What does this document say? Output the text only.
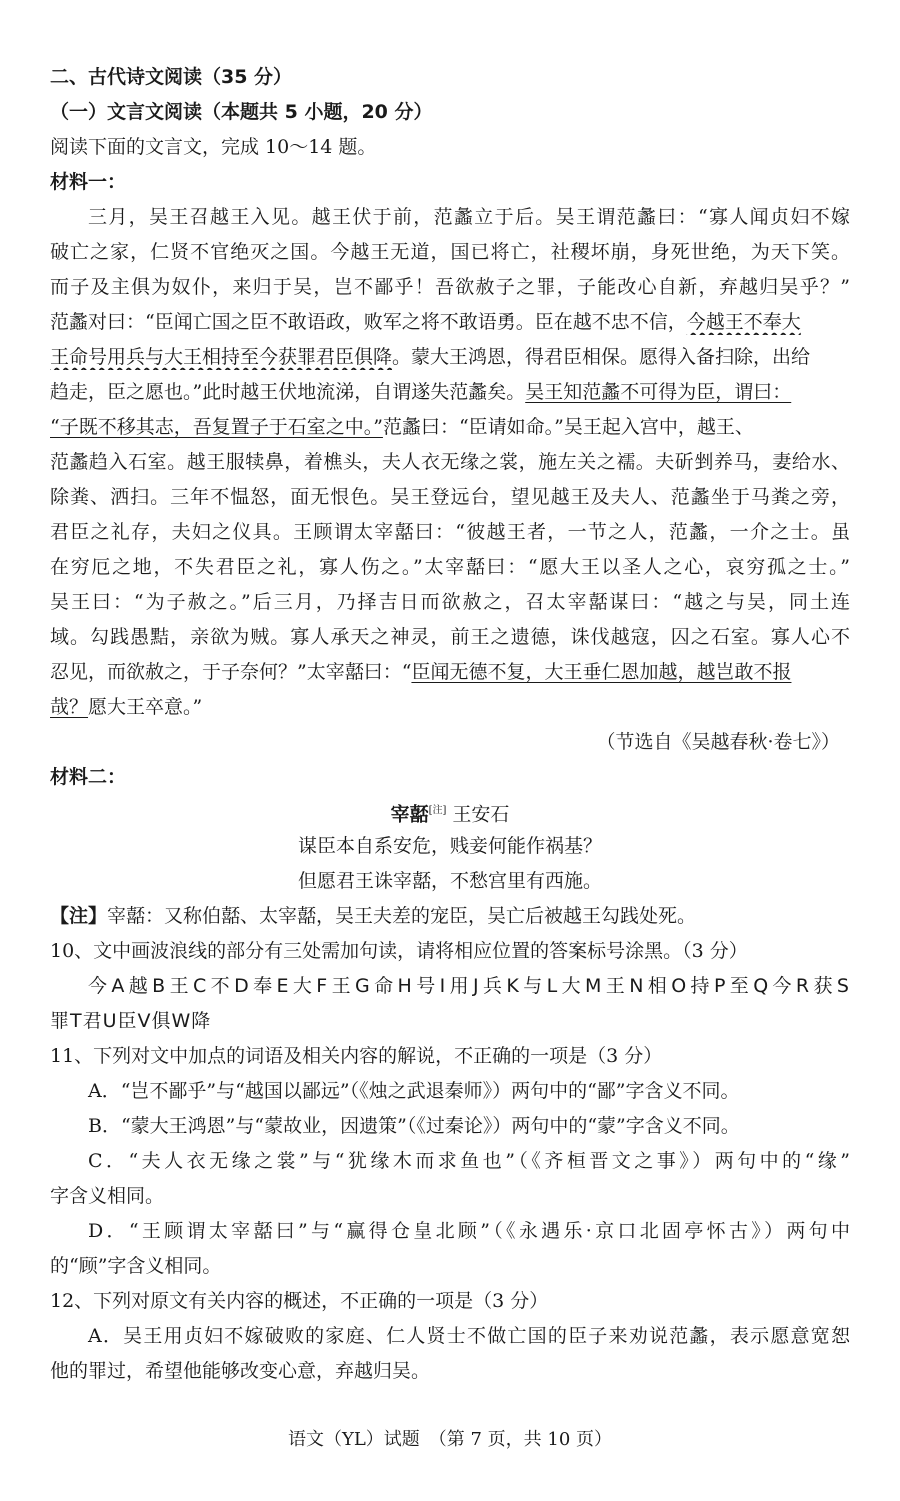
二、古代诗文阅读（35 分）
（一）文言文阅读（本题共 5 小题，20 分）
阅读下面的文言文，完成 10～14 题。
材料一：
三月，吴王召越王入见。越王伏于前，范蠡立于后。吴王谓范蠡曰：“寡人闻贞妇不嫁
破亡之家，仁贤不官绝灭之国。今越王无道，国已将亡，社稷坏崩，身死世绝，为天下笑。
而子及主俱为奴仆，来归于吴，岂不鄙乎！吾欲赦子之罪，子能改心自新，弃越归吴乎？”
范蠡对曰：“臣闻亡国之臣不敢语政，败军之将不敢语勇。臣在越不忠不信，今越王不奉大
王命号用兵与大王相持至今获罪君臣俱降。蒙大王鸿恩，得君臣相保。愿得入备扫除，出给
趋走，臣之愿也。”此时越王伏地流涕，自谓遂失范蠡矣。吴王知范蠡不可得为臣，谓曰：
“子既不移其志，吾复置子于石室之中。”范蠡曰：“臣请如命。”吴王起入宫中，越王、
范蠡趋入石室。越王服犊鼻，着樵头，夫人衣无缘之裳，施左关之襦。夫斫剉养马，妻给水、
除粪、洒扫。三年不愠怒，面无恨色。吴王登远台，望见越王及夫人、范蠡坐于马粪之旁，
君臣之礼存，夫妇之仪具。王顾谓太宰嚭曰：“彼越王者，一节之人，范蠡，一介之士。虽
在穷厄之地，不失君臣之礼，寡人伤之。”太宰嚭曰：“愿大王以圣人之心，哀穷孤之士。”
吴王曰：“为子赦之。”后三月，乃择吉日而欲赦之，召太宰嚭谋曰：“越之与吴，同土连
域。勾践愚黠，亲欲为贼。寡人承天之神灵，前王之遗德，诛伐越寇，囚之石室。寡人心不
忍见，而欲赦之，于子奈何？”太宰嚭曰：“臣闻无德不复，大王垂仁恩加越，越岂敢不报
哉？愿大王卒意。”
（节选自《吴越春秋·卷七》）
材料二：
宰嚭[注] 王安石
谋臣本自系安危，贱妾何能作祸基？
但愿君王诛宰嚭，不愁宫里有西施。
【注】宰嚭：又称伯嚭、太宰嚭，吴王夫差的宠臣，吴亡后被越王勾践处死。
10、文中画波浪线的部分有三处需加句读，请将相应位置的答案标号涂黑。（3 分）
今A越B王C不D奉E大F王G命H号I用J兵K与L大M王N相O持P至Q今R获S
罪T君U臣V俱W降
11、下列对文中加点的词语及相关内容的解说，不正确的一项是（3 分）
A．“岂不鄙乎”与“越国以鄙远”（《烛之武退秦师》）两句中的“鄙”字含义不同。
B．“蒙大王鸿恩”与“蒙故业，因遗策”（《过秦论》）两句中的“蒙”字含义不同。
C．“夫人衣无缘之裳”与“犹缘木而求鱼也”（《齐桓晋文之事》）两句中的“缘”
字含义相同。
D．“王顾谓太宰嚭曰”与“赢得仓皇北顾”（《永遇乐·京口北固亭怀古》）两句中
的“顾”字含义相同。
12、下列对原文有关内容的概述，不正确的一项是（3 分）
A．吴王用贞妇不嫁破败的家庭、仁人贤士不做亡国的臣子来劝说范蠡，表示愿意宽恕
他的罪过，希望他能够改变心意，弃越归吴。
语文（YL）试题　（第 7 页，共 10 页）
